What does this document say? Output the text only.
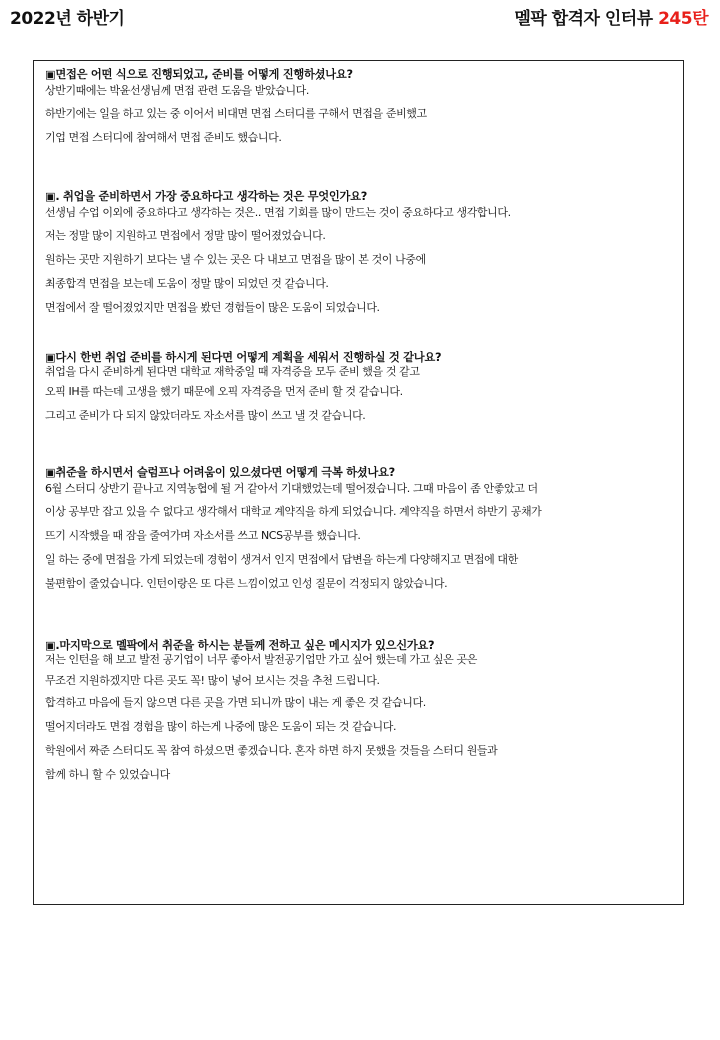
2022년 하반기	멜팍 합격자 인터뷰 245탄

▣면접은 어떤 식으로 진행되었고, 준비를 어떻게 진행하셨나요?

상반기때에는 박윤선생님께 면접 관련 도움을 받았습니다.

하반기에는 일을 하고 있는 중 이어서 비대면 면접 스터디를 구해서 면접을 준비했고

기업 면접 스터디에 참여해서 면접 준비도 했습니다.

▣. 취업을 준비하면서 가장 중요하다고 생각하는 것은 무엇인가요?

선생님 수업 이외에 중요하다고 생각하는 것은.. 면접 기회를 많이 만드는 것이 중요하다고 생각합니다.

저는 정말 많이 지원하고 면접에서 정말 많이 떨어졌었습니다.

원하는 곳만 지원하기 보다는 낼 수 있는 곳은 다 내보고 면접을 많이 본 것이 나중에

최종합격 면접을 보는데 도움이 정말 많이 되었던 것 같습니다.

면접에서 잘 떨어졌었지만 면접을 봤던 경험들이 많은 도움이 되었습니다.

▣다시 한번 취업 준비를 하시게 된다면 어떻게 계획을 세워서 진행하실 것 같나요?

취업을 다시 준비하게 된다면 대학교 재학중일 때 자격증을 모두 준비 했을 것 같고

오픽 IH를 따는데 고생을 했기 때문에 오픽 자격증을 먼저 준비 할 것 같습니다.

그리고 준비가 다 되지 않았더라도 자소서를 많이 쓰고 낼 것 같습니다.

▣취준을 하시면서 슬럼프나 어려움이 있으셨다면 어떻게 극복 하셨나요?

6월 스터디 상반기 끝나고 지역농협에 될 거 같아서 기대했었는데 떨어졌습니다. 그때 마음이 좀 안좋았고 더

이상 공부만 잡고 있을 수 없다고 생각해서 대학교 계약직을 하게 되었습니다. 계약직을 하면서 하반기 공채가

뜨기 시작했을 때 잠을 줄여가며 자소서를 쓰고 NCS공부를 했습니다.

일 하는 중에 면접을 가게 되었는데 경험이 생겨서 인지 면접에서 답변을 하는게 다양해지고 면접에 대한

불편함이 줄었습니다. 인턴이랑은 또 다른 느낌이었고 인성 질문이 걱정되지 않았습니다.

▣.마지막으로 멜팍에서 취준을 하시는 분들께 전하고 싶은 메시지가 있으신가요?

저는 인턴을 해 보고 발전 공기업이 너무 좋아서 발전공기업만 가고 싶어 했는데 가고 싶은 곳은

무조건 지원하겠지만 다른 곳도 꼭! 많이 넣어 보시는 것을 추천 드립니다.

합격하고 마음에 들지 않으면 다른 곳을 가면 되니까 많이 내는 게 좋은 것 같습니다.

떨어지더라도 면접 경험을 많이 하는게 나중에 많은 도움이 되는 것 같습니다.

학원에서 짜준 스터디도 꼭 참여 하셨으면 좋겠습니다. 혼자 하면 하지 못했을 것들을 스터디 원들과

함께 하니 할 수 있었습니다
